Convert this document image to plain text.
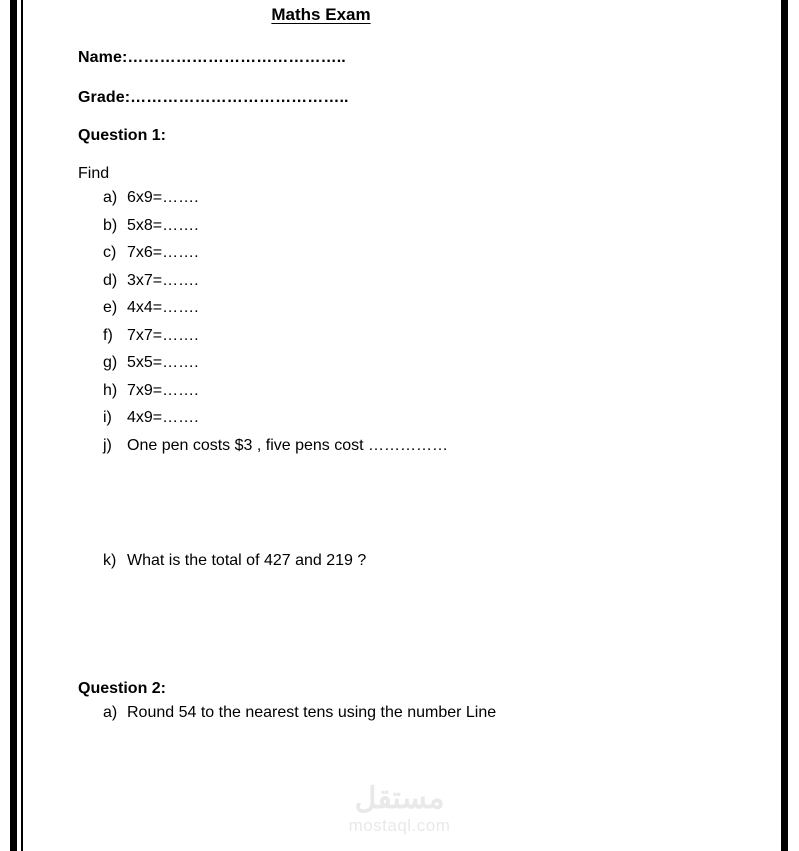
Maths Exam

Name:…………………………………..

Grade:…………………………………..

Question 1:

Find

a) 6x9=…….
b) 5x8=…….
c) 7x6=…….
d) 3x7=…….
e) 4x4=…….
f) 7x7=…….
g) 5x5=…….
h) 7x9=…….
i) 4x9=…….
j) One pen costs $3 , five pens cost ……………
k) What is the total of 427 and 219 ?

Question 2:

a) Round 54 to the nearest tens using the number Line
مستقل
mostaql.com
